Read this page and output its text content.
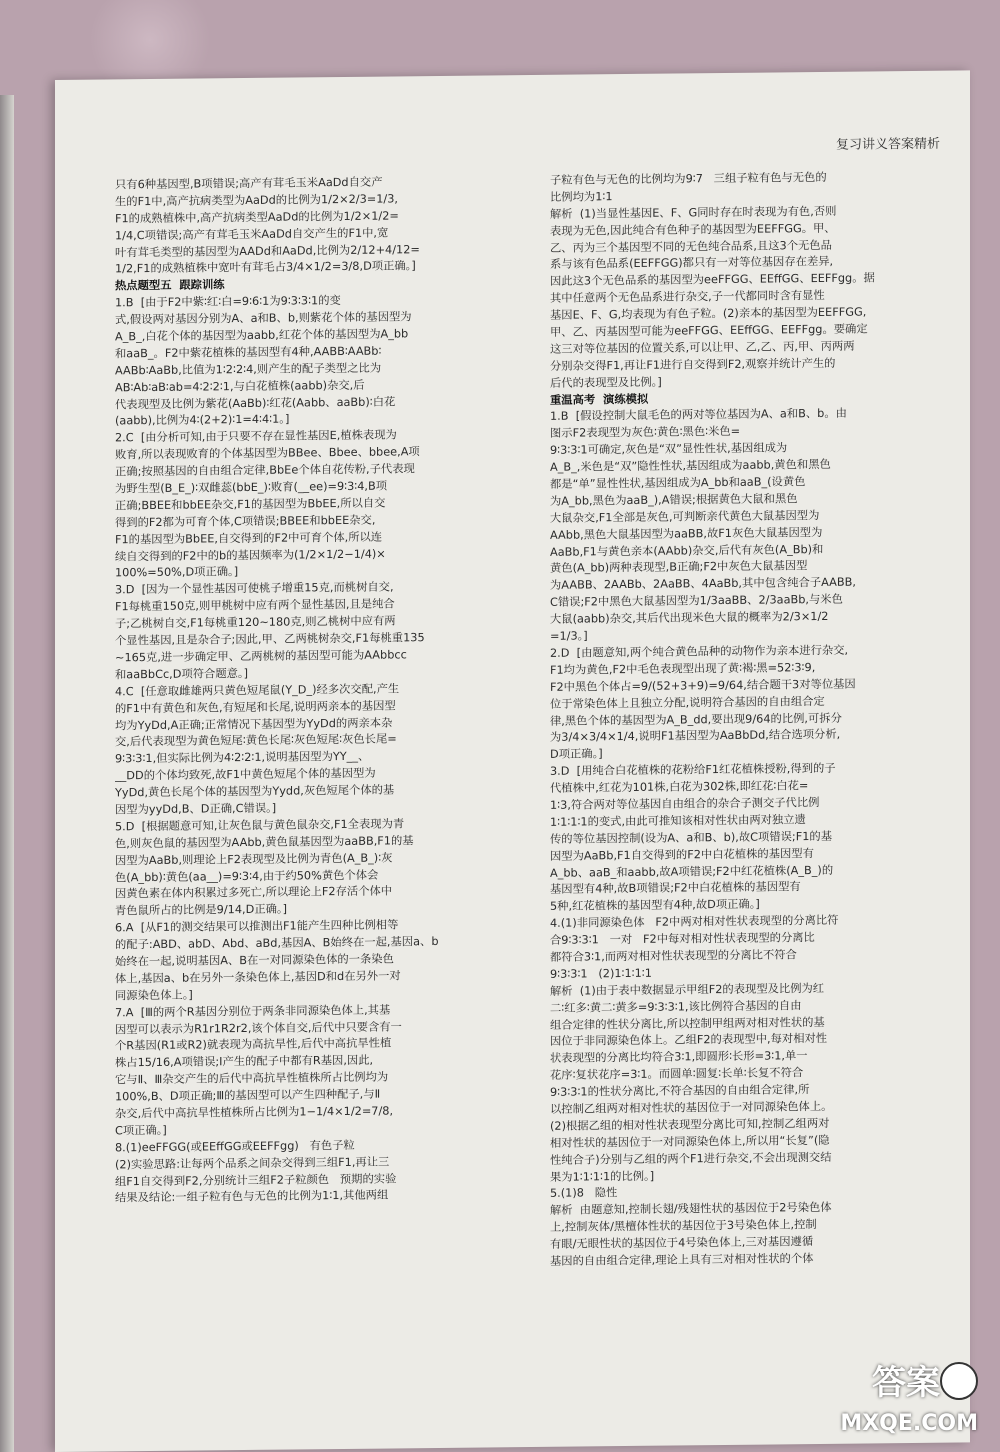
复习讲义答案精析
只有6种基因型,B项错误;高产有茸毛玉米AaDd自交产
生的F1中,高产抗病类型为AaDd的比例为1/2×2/3=1/3,
F1的成熟植株中,高产抗病类型AaDd的比例为1/2×1/2=
1/4,C项错误;高产有茸毛玉米AaDd自交产生的F1中,宽
叶有茸毛类型的基因型为AADd和AaDd,比例为2/12+4/12=
1/2,F1的成熟植株中宽叶有茸毛占3/4×1/2=3/8,D项正确。]
热点题型五  跟踪训练
1.B  [由于F2中紫∶红∶白=9∶6∶1为9∶3∶3∶1的变
式,假设两对基因分别为A、a和B、b,则紫花个体的基因型为
A_B_,白花个体的基因型为aabb,红花个体的基因型为A_bb
和aaB_。F2中紫花植株的基因型有4种,AABB∶AABb∶
AABb∶AaBb,比值为1∶2∶2∶4,则产生的配子类型之比为
AB∶Ab∶aB∶ab=4∶2∶2∶1,与白花植株(aabb)杂交,后
代表现型及比例为紫花(AaBb)∶红花(Aabb、aaBb)∶白花
(aabb),比例为4∶(2+2)∶1=4∶4∶1。]
2.C  [由分析可知,由于只要不存在显性基因E,植株表现为
败育,所以表现败育的个体基因型为BBee、Bbee、bbee,A项
正确;按照基因的自由组合定律,BbEe个体自花传粉,子代表现
为野生型(B_E_)∶双雌蕊(bbE_)∶败育(__ee)=9∶3∶4,B项
正确;BBEE和bbEE杂交,F1的基因型为BbEE,所以自交
得到的F2都为可育个体,C项错误;BBEE和bbEE杂交,
F1的基因型为BbEE,自交得到的F2中可育个体,所以连
续自交得到的F2中的b的基因频率为(1/2×1/2−1/4)×
100%=50%,D项正确。]
3.D  [因为一个显性基因可使桃子增重15克,而桃树自交,
F1每桃重150克,则甲桃树中应有两个显性基因,且是纯合
子;乙桃树自交,F1每桃重120~180克,则乙桃树中应有两
个显性基因,且是杂合子;因此,甲、乙两桃树杂交,F1每桃重135
~165克,进一步确定甲、乙两桃树的基因型可能为AAbbcc
和aaBbCc,D项符合题意。]
4.C  [任意取雌雄两只黄色短尾鼠(Y_D_)经多次交配,产生
的F1中有黄色和灰色,有短尾和长尾,说明两亲本的基因型
均为YyDd,A正确;正常情况下基因型为YyDd的两亲本杂
交,后代表现型为黄色短尾∶黄色长尾∶灰色短尾∶灰色长尾=
9∶3∶3∶1,但实际比例为4∶2∶2∶1,说明基因型为YY__、
__DD的个体均致死,故F1中黄色短尾个体的基因型为
YyDd,黄色长尾个体的基因型为Yydd,灰色短尾个体的基
因型为yyDd,B、D正确,C错误。]
5.D  [根据题意可知,让灰色鼠与黄色鼠杂交,F1全表现为青
色,则灰色鼠的基因型为AAbb,黄色鼠基因型为aaBB,F1的基
因型为AaBb,则理论上F2表现型及比例为青色(A_B_)∶灰
色(A_bb)∶黄色(aa__)=9∶3∶4,由于约50%黄色个体会
因黄色素在体内积累过多死亡,所以理论上F2存活个体中
青色鼠所占的比例是9/14,D正确。]
6.A  [从F1的测交结果可以推测出F1能产生四种比例相等
的配子:ABD、abD、Abd、aBd,基因A、B始终在一起,基因a、b
始终在一起,说明基因A、B在一对同源染色体的一条染色
体上,基因a、b在另外一条染色体上,基因D和d在另外一对
同源染色体上。]
7.A  [Ⅲ的两个R基因分别位于两条非同源染色体上,其基
因型可以表示为R1r1R2r2,该个体自交,后代中只要含有一
个R基因(R1或R2)就表现为高抗旱性,后代中高抗旱性植
株占15/16,A项错误;Ⅰ产生的配子中都有R基因,因此,
它与Ⅱ、Ⅲ杂交产生的后代中高抗旱性植株所占比例均为
100%,B、D项正确;Ⅲ的基因型可以产生四种配子,与Ⅱ
杂交,后代中高抗旱性植株所占比例为1−1/4×1/2=7/8,
C项正确。]
8.(1)eeFFGG(或EEffGG或EEFFgg)   有色子粒
(2)实验思路:让每两个品系之间杂交得到三组F1,再让三
组F1自交得到F2,分别统计三组F2子粒颜色   预期的实验
结果及结论:一组子粒有色与无色的比例为1∶1,其他两组
子粒有色与无色的比例均为9∶7   三组子粒有色与无色的
比例均为1∶1
解析  (1)当显性基因E、F、G同时存在时表现为有色,否则
表现为无色,因此纯合有色种子的基因型为EEFFGG。甲、
乙、丙为三个基因型不同的无色纯合品系,且这3个无色品
系与该有色品系(EEFFGG)都只有一对等位基因存在差异,
因此这3个无色品系的基因型为eeFFGG、EEffGG、EEFFgg。据
其中任意两个无色品系进行杂交,子一代都同时含有显性
基因E、F、G,均表现为有色子粒。(2)亲本的基因型为EEFFGG,
甲、乙、丙基因型可能为eeFFGG、EEffGG、EEFFgg。要确定
这三对等位基因的位置关系,可以让甲、乙,乙、丙,甲、丙两两
分别杂交得F1,再让F1进行自交得到F2,观察并统计产生的
后代的表现型及比例。]
重温高考  演练模拟
1.B  [假设控制大鼠毛色的两对等位基因为A、a和B、b。由
图示F2表现型为灰色∶黄色∶黑色∶米色=
9∶3∶3∶1可确定,灰色是“双”显性性状,基因组成为
A_B_,米色是“双”隐性性状,基因组成为aabb,黄色和黑色
都是“单”显性性状,基因组成为A_bb和aaB_(设黄色
为A_bb,黑色为aaB_),A错误;根据黄色大鼠和黑色
大鼠杂交,F1全部是灰色,可判断亲代黄色大鼠基因型为
AAbb,黑色大鼠基因型为aaBB,故F1灰色大鼠基因型为
AaBb,F1与黄色亲本(AAbb)杂交,后代有灰色(A_Bb)和
黄色(A_bb)两种表现型,B正确;F2中灰色大鼠基因型
为AABB、2AABb、2AaBB、4AaBb,其中包含纯合子AABB,
C错误;F2中黑色大鼠基因型为1/3aaBB、2/3aaBb,与米色
大鼠(aabb)杂交,其后代出现米色大鼠的概率为2/3×1/2
=1/3。]
2.D  [由题意知,两个纯合黄色品种的动物作为亲本进行杂交,
F1均为黄色,F2中毛色表现型出现了黄∶褐∶黑=52∶3∶9,
F2中黑色个体占=9/(52+3+9)=9/64,结合题干3对等位基因
位于常染色体上且独立分配,说明符合基因的自由组合定
律,黑色个体的基因型为A_B_dd,要出现9/64的比例,可拆分
为3/4×3/4×1/4,说明F1基因型为AaBbDd,结合选项分析,
D项正确。]
3.D  [用纯合白花植株的花粉给F1红花植株授粉,得到的子
代植株中,红花为101株,白花为302株,即红花∶白花=
1∶3,符合两对等位基因自由组合的杂合子测交子代比例
1∶1∶1∶1的变式,由此可推知该相对性状由两对独立遗
传的等位基因控制(设为A、a和B、b),故C项错误;F1的基
因型为AaBb,F1自交得到的F2中白花植株的基因型有
A_bb、aaB_和aabb,故A项错误;F2中红花植株(A_B_)的
基因型有4种,故B项错误;F2中白花植株的基因型有
5种,红花植株的基因型有4种,故D项正确。]
4.(1)非同源染色体   F2中两对相对性状表现型的分离比符
合9∶3∶3∶1   一对   F2中每对相对性状表现型的分离比
都符合3∶1,而两对相对性状表现型的分离比不符合
9∶3∶3∶1   (2)1∶1∶1∶1
解析  (1)由于表中数据显示甲组F2的表现型及比例为红
二∶红多∶黄二∶黄多=9∶3∶3∶1,该比例符合基因的自由
组合定律的性状分离比,所以控制甲组两对相对性状的基
因位于非同源染色体上。乙组F2的表现型中,每对相对性
状表现型的分离比均符合3∶1,即圆形∶长形=3∶1,单一
花序∶复状花序=3∶1。而圆单∶圆复∶长单∶长复不符合
9∶3∶3∶1的性状分离比,不符合基因的自由组合定律,所
以控制乙组两对相对性状的基因位于一对同源染色体上。
(2)根据乙组的相对性状表现型分离比可知,控制乙组两对
相对性状的基因位于一对同源染色体上,所以用“长复”(隐
性纯合子)分别与乙组的两个F1进行杂交,不会出现测交结
果为1∶1∶1∶1的比例。]
5.(1)8   隐性
解析  由题意知,控制长翅/残翅性状的基因位于2号染色体
上,控制灰体/黑檀体性状的基因位于3号染色体上,控制
有眼/无眼性状的基因位于4号染色体上,三对基因遵循
基因的自由组合定律,理论上具有三对相对性状的个体
答案
MXQE.COM
